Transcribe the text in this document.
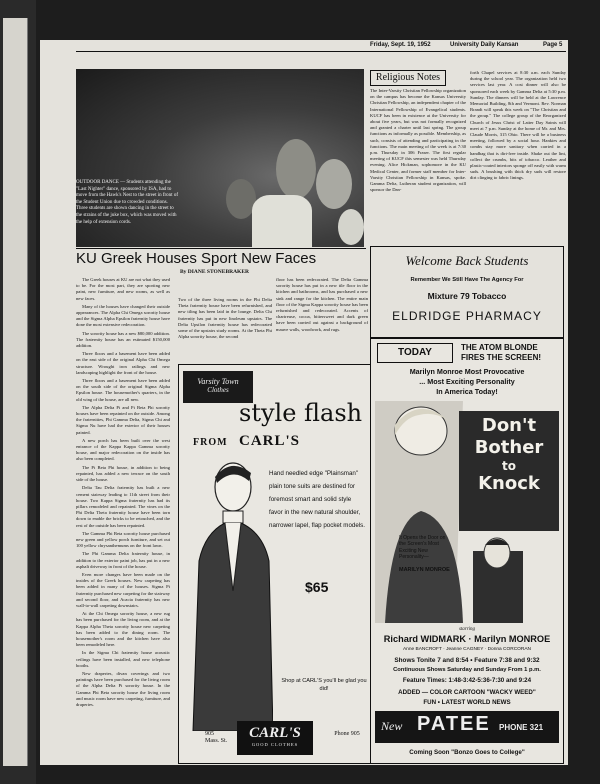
Friday, Sept. 19, 1952	University Daily Kansan	Page 5
OUTDOOR DANCE — Students attending the "Last Nighter" dance, sponsored by ISA, had to move from the Hawk's Nest to the street in front of the Student Union due to crowded conditions. Three students are shown dancing in the street to the strains of the juke box, which was moved with the help of extension cords.
Religious Notes
The Inter-Varsity Christian Fellowship organization on the campus has become the Kansas University Christian Fellowship, an independent chapter of the International Fellowship of Evangelical students. KUCF has been in existence at the University for about five years, but was not formally recognized and granted a charter until last spring. The group functions as informally as possible. Membership, as such, consists of attending and participating in the functions. The main meeting of the week is at 7:30 p.m. Thursday in 306 Fraser. The first regular meeting of KUCF this semester was held Thursday evening. Alice Hickman, sophomore in the KU Medical Center, and former staff member for Inter-Varsity Christian Fellowship in Kansas, spoke. Gamma Delta, Lutheran student organization, will sponsor the Dan-
forth Chapel services at 8:30 a.m. each Sunday during the school year. The organization held two services last year. A cost dinner will also be sponsored each week by Gamma Delta at 5:30 p.m. Sunday. The dinners will be held at the Lawrence Memorial Building, 8th and Vermont. Rev. Norman Brandt will speak this week on "The Christian and the group." The college group of the Reorganized Church of Jesus Christ of Latter Day Saints will meet at 7 p.m. Sunday at the home of Mr. and Mrs. Claude Morris, 315 Ohio. There will be a business meeting, followed by a social hour. Hankies and combs stay more sanitary when carried in a handbag that is dirt-free inside. Shake out the lint, collect the crumbs, bits of tobacco. Leather and plastic-coated interiors sponge off easily with warm suds. A brushing with thick dry suds will restore dirt clinging to fabric linings.
KU Greek Houses Sport New Faces
By DIANE STONEBRAKER

The Greek houses at KU are not what they used to be. For the most part, they are sporting new paint, new furniture, and new rooms, as well as new faces.

Many of the houses have changed their outside appearances. The Alpha Chi Omega sorority house and the Sigma Alpha Epsilon fraternity house have done the most extensive redecoration.

The sorority house has a new $80,000 addition. The fraternity house has an estimated $150,000 addition.

Three floors and a basement have been added on the east side of the original Alpha Chi Omega structure. Wrought iron railings and new landscaping highlight the front of the house.

Three floors and a basement have been added on the south side of the original Sigma Alpha Epsilon house. The housemother's quarters, in the old wing of the house, are all new.

The Alpha Delta Pi and Pi Beta Phi sorority houses have been repainted on the outside. Among the fraternities, Phi Gamma Delta, Sigma Chi and Sigma Nu have had the exterior of their houses painted.

A new porch has been built over the west entrance of the Kappa Kappa Gamma sorority house, and major redecoration on the inside has also been completed.

The Pi Beta Phi house, in addition to being repainted, has added a new terrace on the south side of the house.

Delta Tau Delta fraternity has built a new cement stairway leading to 11th street from their house. Two Kappa Sigma fraternity has had its pillars remodeled and repainted. The vines on the Phi Delta Theta fraternity house have been torn down to enable the bricks to be retouched, and the rest of the outside has been repainted.

The Gamma Phi Beta sorority house purchased new green and yellow porch furniture, and set out 100 yellow chrysanthemums on the front lawn.

The Phi Gamma Delta fraternity house, in addition to the exterior paint job, has put in a new asphalt driveway in front of the house.

Even more changes have been made on the insides of the Greek houses. New carpeting has been added in many of the houses. Sigma Pi fraternity purchased new carpeting for the stairway and second floor, and Acacia fraternity has new wall-to-wall carpeting downstairs.

At the Chi Omega sorority house, a new rug has been purchased for the living room, and at the Kappa Alpha Theta sorority house new carpeting has been added to the dining room. The housemother's room and the kitchen have also been remodeled here.

In the Sigma Chi fraternity house acoustic ceilings have been installed, and new telephone booths.

New draperies, divan coverings and two paintings have been purchased for the living room of the Alpha Delta Pi sorority house. In the Gamma Phi Beta sorority house the living room and music room have new carpeting, furniture, and draperies.

Two of the three living rooms in the Phi Delta Theta fraternity house have been refurnished, and new tiling has been laid in the lounge. Delta Chi fraternity has put in new linoleum upstairs. The Delta Upsilon fraternity house has redecorated some of the upstairs study rooms. At the Theta Phi Alpha sorority house, the second
floor has been redecorated. The Delta Gamma sorority house has put in a new tile floor in the kitchen and bathrooms, and has purchased a new sink and range for the kitchen. The entire main floor of the Sigma Kappa sorority house has been refurnished and redecorated. Accents of chartreuse, cocoa, bittersweet and dark green have been carried out against a background of mauve walls, woodwork, and rugs.
Varsity Town
Clothes
style flash
FROM CARL'S
Hand needled edge "Plainsman" plain tone suits are destined for foremost smart and solid style favor in the new natural shoulder, narrower lapel, flap pocket models.
$65
Shop at CARL'S you'll be glad you did!
905 Mass. St.	CARL'S
GOOD CLOTHES
Phone 905
Welcome Back Students
Remember We Still Have The Agency For
Mixture 79 Tobacco
ELDRIDGE PHARMACY
TODAY	THE ATOM BLONDE
FIRES THE SCREEN!
Marilyn Monroe Most Provocative
... Most Exciting Personality
In America Today!
Don't
Bother
to
Knock
It Opens the Door on the Screen's Most Exciting New Personality—
MARILYN MONROE
starring
Richard WIDMARK · Marilyn MONROE
Anne BANCROFT · Jeanne CAGNEY · Donna CORCORAN
Shows Tonite 7 and 8:54 • Feature 7:38 and 9:32
Continuous Shows Saturday and Sunday From 1 p.m.
Feature Times: 1:48-3:42-5:36-7:30 and 9:24
ADDED — COLOR CARTOON "WACKY WEED"
FUN • LATEST WORLD NEWS
New PATEE PHONE 321
Coming Soon "Bonzo Goes to College"
